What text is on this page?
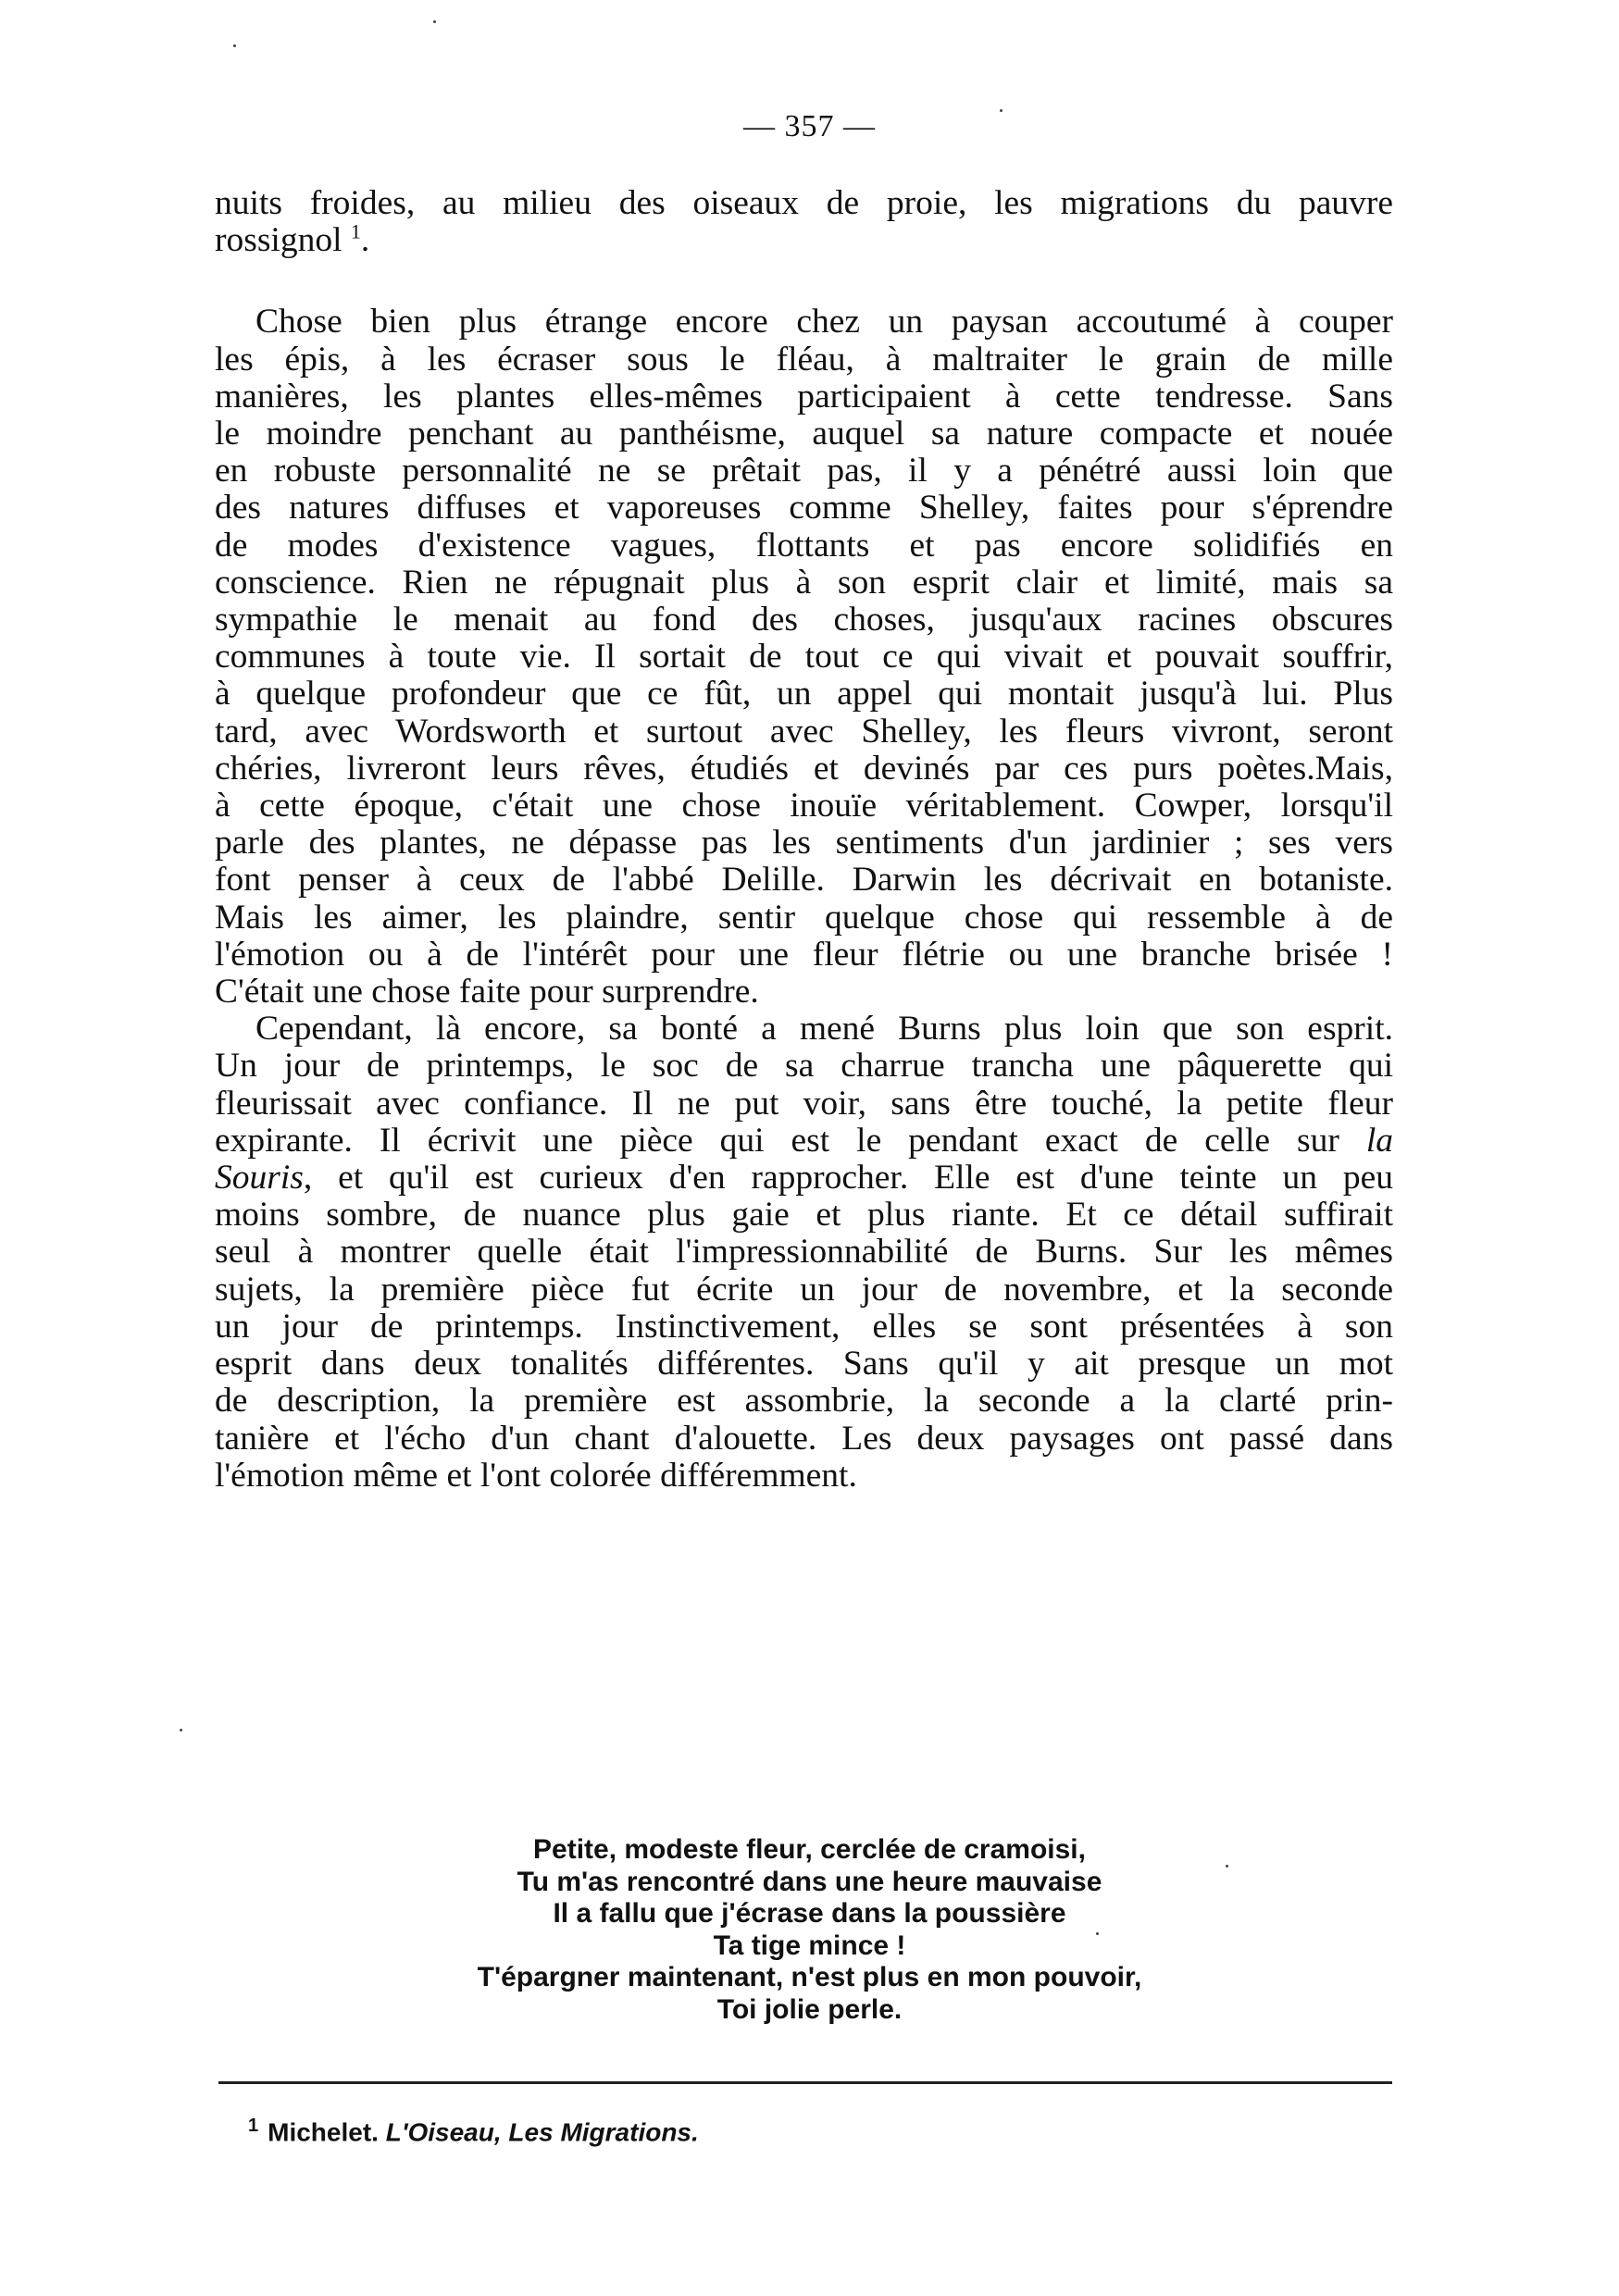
— 357 —

nuits froides, au milieu des oiseaux de proie, les migrations du pauvre
rossignol $^1$.

Chose bien plus étrange encore chez un paysan accoutumé à couper
les épis, à les écraser sous le fléau, à maltraiter le grain de mille
manières, les plantes elles-mêmes participaient à cette tendresse. Sans
le moindre penchant au panthéisme, auquel sa nature compacte et nouée
en robuste personnalité ne se prêtait pas, il y a pénétré aussi loin que
des natures diffuses et vaporeuses comme Shelley, faites pour s'éprendre
de modes d'existence vagues, flottants et pas encore solidifiés en
conscience. Rien ne répugnait plus à son esprit clair et limité, mais sa
sympathie le menait au fond des choses, jusqu'aux racines obscures
communes à toute vie. Il sortait de tout ce qui vivait et pouvait souffrir,
à quelque profondeur que ce fût, un appel qui montait jusqu'à lui. Plus
tard, avec Wordsworth et surtout avec Shelley, les fleurs vivront, seront
chéries, livreront leurs rêves, étudiés et devinés par ces purs poètes.Mais,
à cette époque, c'était une chose inouïe véritablement. Cowper, lorsqu'il
parle des plantes, ne dépasse pas les sentiments d'un jardinier ; ses vers
font penser à ceux de l'abbé Delille. Darwin les décrivait en botaniste.
Mais les aimer, les plaindre, sentir quelque chose qui ressemble à de
l'émotion ou à de l'intérêt pour une fleur flétrie ou une branche brisée !
C'était une chose faite pour surprendre.

Cependant, là encore, sa bonté a mené Burns plus loin que son esprit.
Un jour de printemps, le soc de sa charrue trancha une pâquerette qui
fleurissait avec confiance. Il ne put voir, sans être touché, la petite fleur
expirante. Il écrivit une pièce qui est le pendant exact de celle sur la
Souris, et qu'il est curieux d'en rapprocher. Elle est d'une teinte un peu
moins sombre, de nuance plus gaie et plus riante. Et ce détail suffirait
seul à montrer quelle était l'impressionnabilité de Burns. Sur les mêmes
sujets, la première pièce fut écrite un jour de novembre, et la seconde
un jour de printemps. Instinctivement, elles se sont présentées à son
esprit dans deux tonalités différentes. Sans qu'il y ait presque un mot
de description, la première est assombrie, la seconde a la clarté prin-
tanière et l'écho d'un chant d'alouette. Les deux paysages ont passé dans
l'émotion même et l'ont colorée différemment.

Petite, modeste fleur, cerclée de cramoisi,
Tu m'as rencontré dans une heure mauvaise
Il a fallu que j'écrase dans la poussière
Ta tige mince !
T'épargner maintenant, n'est plus en mon pouvoir,
Toi jolie perle.
$^1$ Michelet. L'Oiseau, Les Migrations.
